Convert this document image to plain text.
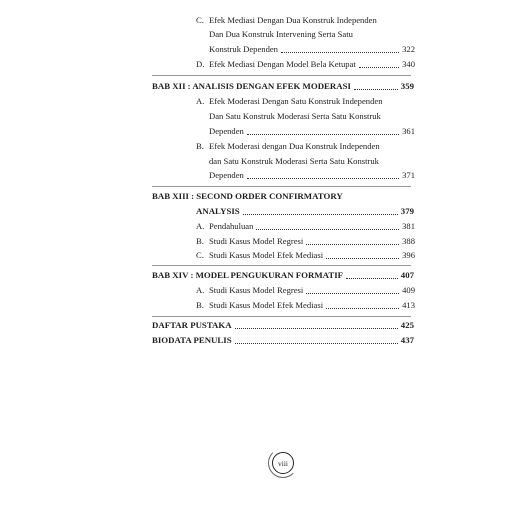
C. Efek Mediasi Dengan Dua Konstruk Independen
Dan Dua Konstruk Intervening Serta Satu
Konstruk Dependen	322
D. Efek Mediasi Dengan Model Bela Ketupat	340
BAB XII : ANALISIS DENGAN EFEK MODERASI	359
A. Efek Moderasi Dengan Satu Konstruk Independen
Dan Satu Konstruk Moderasi Serta Satu Konstruk
Dependen	361
B. Efek Moderasi dengan Dua Konstruk Independen
dan Satu Konstruk Moderasi Serta Satu Konstruk
Dependen	371
BAB XIII : SECOND ORDER CONFIRMATORY
ANALYSIS	379
A. Pendahuluan	381
B. Studi Kasus Model Regresi	388
C. Studi Kasus Model Efek Mediasi	396
BAB XIV : MODEL PENGUKURAN FORMATIF	407
A. Studi Kasus Model Regresi	409
B. Studi Kasus Model Efek Mediasi	413
DAFTAR PUSTAKA	425
BIODATA PENULIS	437
viii
